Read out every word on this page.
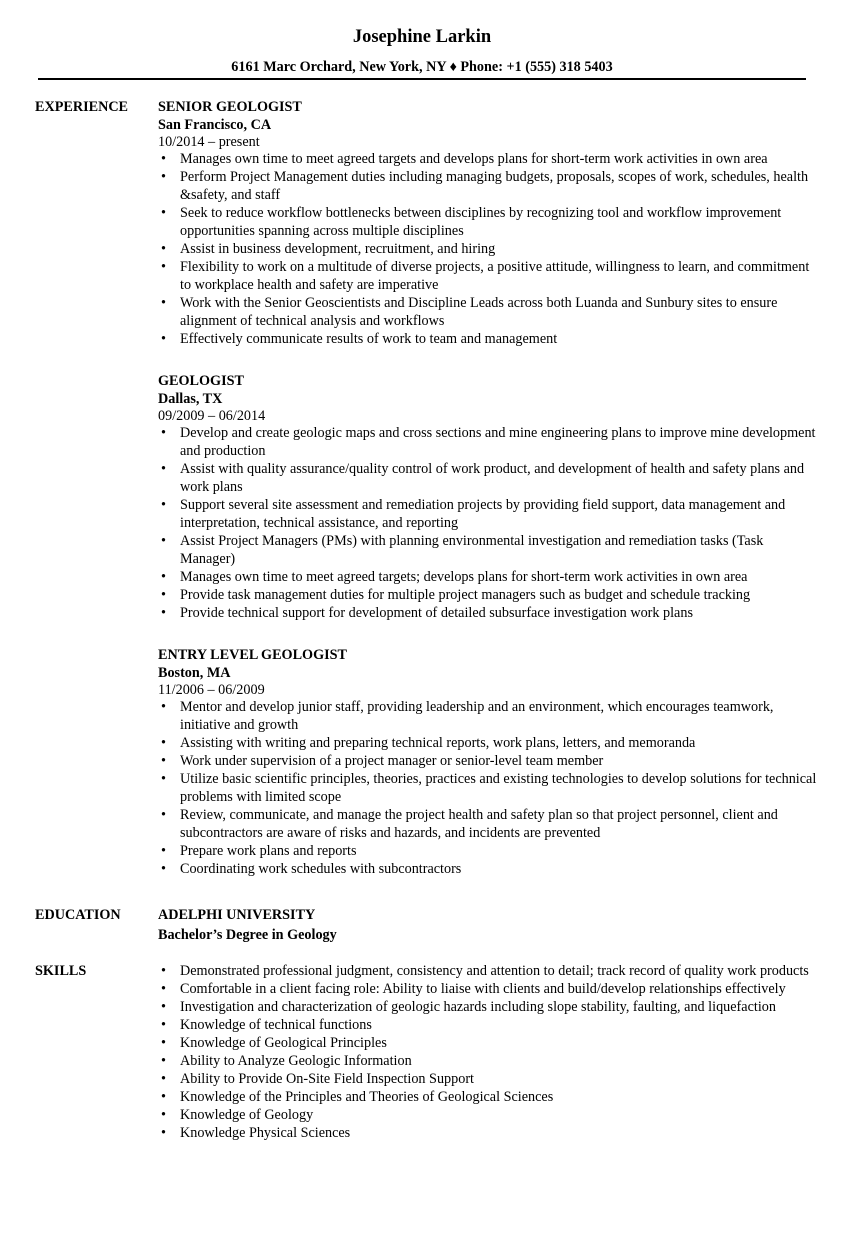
Josephine Larkin
6161 Marc Orchard, New York, NY ♦ Phone: +1 (555) 318 5403
EXPERIENCE SENIOR GEOLOGIST
San Francisco, CA
10/2014 – present
• Manages own time to meet agreed targets and develops plans for short-term work activities in own area
• Perform Project Management duties including managing budgets, proposals, scopes of work, schedules, health &safety, and staff
• Seek to reduce workflow bottlenecks between disciplines by recognizing tool and workflow improvement opportunities spanning across multiple disciplines
• Assist in business development, recruitment, and hiring
• Flexibility to work on a multitude of diverse projects, a positive attitude, willingness to learn, and commitment to workplace health and safety are imperative
• Work with the Senior Geoscientists and Discipline Leads across both Luanda and Sunbury sites to ensure alignment of technical analysis and workflows
• Effectively communicate results of work to team and management
GEOLOGIST
Dallas, TX
09/2009 – 06/2014
• Develop and create geologic maps and cross sections and mine engineering plans to improve mine development and production
• Assist with quality assurance/quality control of work product, and development of health and safety plans and work plans
• Support several site assessment and remediation projects by providing field support, data management and interpretation, technical assistance, and reporting
• Assist Project Managers (PMs) with planning environmental investigation and remediation tasks (Task Manager)
• Manages own time to meet agreed targets; develops plans for short-term work activities in own area
• Provide task management duties for multiple project managers such as budget and schedule tracking
• Provide technical support for development of detailed subsurface investigation work plans
ENTRY LEVEL GEOLOGIST
Boston, MA
11/2006 – 06/2009
• Mentor and develop junior staff, providing leadership and an environment, which encourages teamwork, initiative and growth
• Assisting with writing and preparing technical reports, work plans, letters, and memoranda
• Work under supervision of a project manager or senior-level team member
• Utilize basic scientific principles, theories, practices and existing technologies to develop solutions for technical problems with limited scope
• Review, communicate, and manage the project health and safety plan so that project personnel, client and subcontractors are aware of risks and hazards, and incidents are prevented
• Prepare work plans and reports
• Coordinating work schedules with subcontractors
EDUCATION	ADELPHI UNIVERSITY
Bachelor’s Degree in Geology
SKILLS
•	Demonstrated professional judgment, consistency and attention to detail; track record of quality work products
• Comfortable in a client facing role: Ability to liaise with clients and build/develop relationships effectively
• Investigation and characterization of geologic hazards including slope stability, faulting, and liquefaction
• Knowledge of technical functions
• Knowledge of Geological Principles
• Ability to Analyze Geologic Information
• Ability to Provide On-Site Field Inspection Support
• Knowledge of the Principles and Theories of Geological Sciences
• Knowledge of Geology
• Knowledge Physical Sciences
